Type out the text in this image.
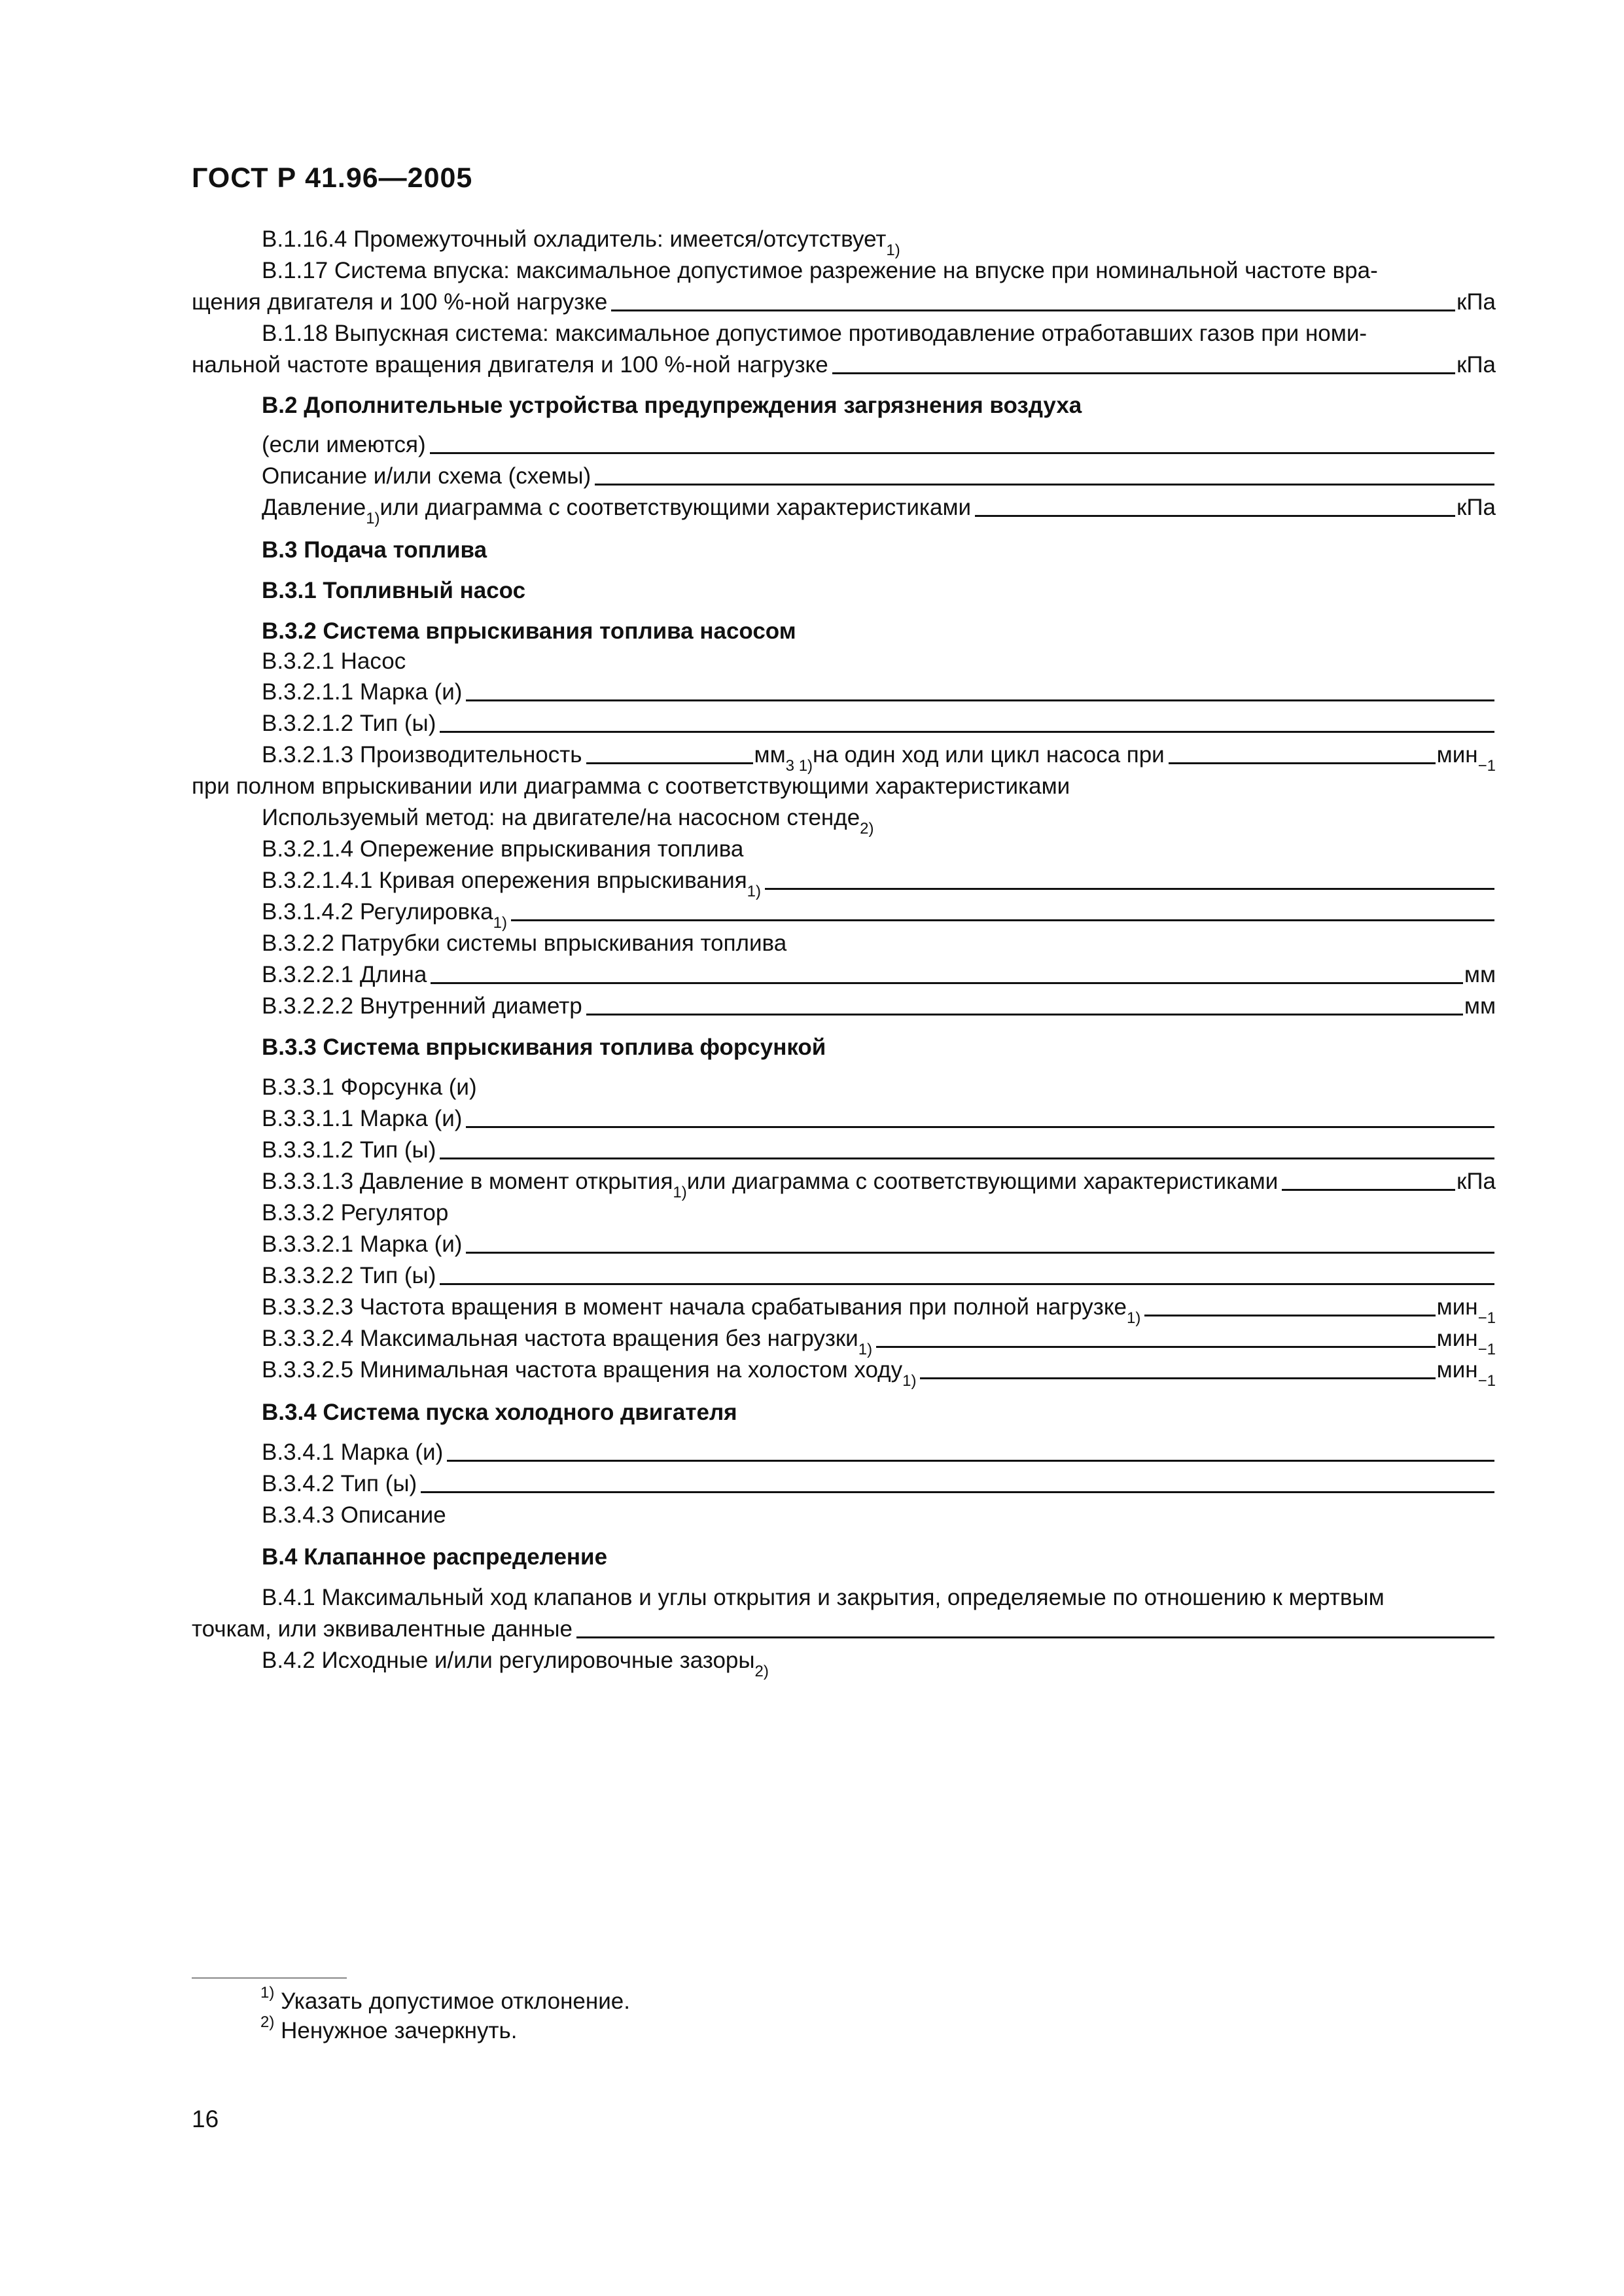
ГОСТ Р 41.96—2005
В.1.16.4 Промежуточный охладитель: имеется/отсутствует$^{1)}$
В.1.17 Система впуска: максимальное допустимое разрежение на впуске при номинальной частоте вра-
щения двигателя и 100 %-ной нагрузке	кПа
В.1.18 Выпускная система: максимальное допустимое противодавление отработавших газов при номи-
нальной частоте вращения двигателя и 100 %-ной нагрузке	кПа
В.2 Дополнительные устройства предупреждения загрязнения воздуха
(если имеются)
Описание и/или схема (схемы)
Давление$^{1)}$ или диаграмма с соответствующими характеристиками	кПа
В.3 Подача топлива
В.3.1 Топливный насос
В.3.2 Система впрыскивания топлива насосом
В.3.2.1 Насос
В.3.2.1.1 Марка (и)
В.3.2.1.2 Тип (ы)
В.3.2.1.3 Производительность	$мм^{3 1)}$ на один ход или цикл насоса при	мин$^{-1}$
при полном впрыскивании или диаграмма с соответствующими характеристиками
Используемый метод: на двигателе/на насосном стенде$^{2)}$
В.3.2.1.4 Опережение впрыскивания топлива
В.3.2.1.4.1 Кривая опережения впрыскивания$^{1)}$
В.3.1.4.2 Регулировка$^{1)}$
В.3.2.2 Патрубки системы впрыскивания топлива
В.3.2.2.1 Длина	мм
В.3.2.2.2 Внутренний диаметр	мм
В.3.3 Система впрыскивания топлива форсункой
В.3.3.1 Форсунка (и)
В.3.3.1.1 Марка (и)
В.3.3.1.2 Тип (ы)
В.3.3.1.3 Давление в момент открытия$^{1)}$ или диаграмма с соответствующими характеристиками	кПа
В.3.3.2 Регулятор
В.3.3.2.1 Марка (и)
В.3.3.2.2 Тип (ы)
В.3.3.2.3 Частота вращения в момент начала срабатывания при полной нагрузке$^{1)}$	мин$^{-1}$
В.3.3.2.4 Максимальная частота вращения без нагрузки$^{1)}$	мин$^{-1}$
В.3.3.2.5 Минимальная частота вращения на холостом ходу$^{1)}$	мин$^{-1}$
В.3.4 Система пуска холодного двигателя
В.3.4.1 Марка (и)
В.3.4.2 Тип (ы)
В.3.4.3 Описание
В.4 Клапанное распределение
В.4.1 Максимальный ход клапанов и углы открытия и закрытия, определяемые по отношению к мертвым
точкам, или эквивалентные данные
В.4.2 Исходные и/или регулировочные зазоры$^{2)}$
$^{1)}$ Указать допустимое отклонение.
$^{2)}$ Ненужное зачеркнуть.
16
